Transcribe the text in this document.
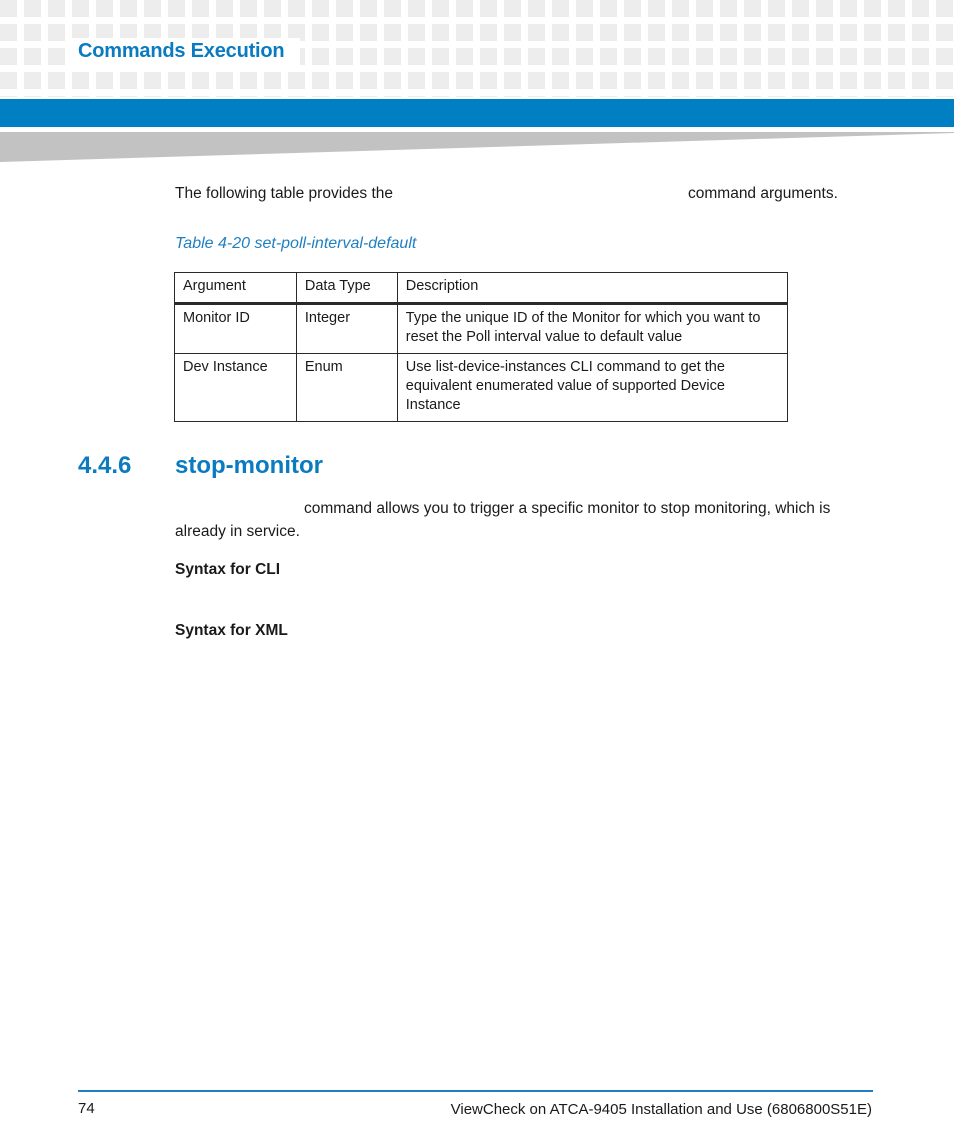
Commands Execution
The following table provides the	command arguments.
Table 4-20 set-poll-interval-default
Argument	Data Type	Description
Monitor ID	Integer	Type the unique ID of the Monitor for which you want to reset the Poll interval value to default value
Dev Instance	Enum	Use list-device-instances CLI command to get the equivalent enumerated value of supported Device Instance
4.4.6 stop-monitor
command allows you to trigger a specific monitor to stop monitoring, which is already in service.
Syntax for CLI
Syntax for XML
74	ViewCheck on ATCA-9405 Installation and Use (6806800S51E)
